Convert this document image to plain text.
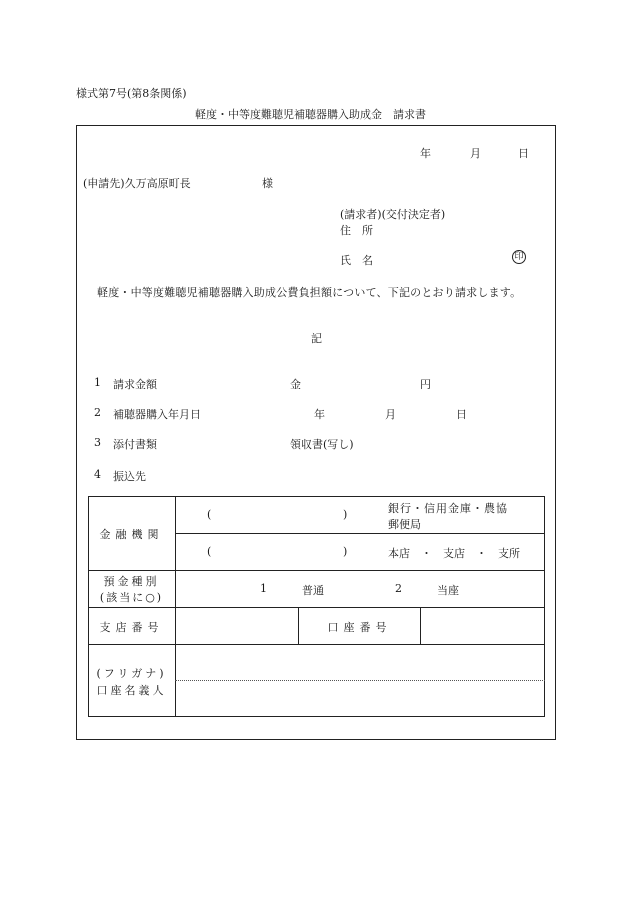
様式第7号(第8条関係)
軽度・中等度難聴児補聴器購入助成金　請求書
年	月	日
(申請先)久万高原町長	様
(請求者)(交付決定者)
住　所
氏　名	印
軽度・中等度難聴児補聴器購入助成公費負担額について、下記のとおり請求します。
記
1 請求金額	金	円
2 補聴器購入年月日	年	月	日
3 添付書類	領収書(写し)
4 振込先
金融機関
(	)	銀行・信用金庫・農協
郵便局
(	)	本店　・　支店　・　支所
預金種別
(該当に○)
1	普通	2	当座
支店番号	口座番号
(フリガナ)
口座名義人
